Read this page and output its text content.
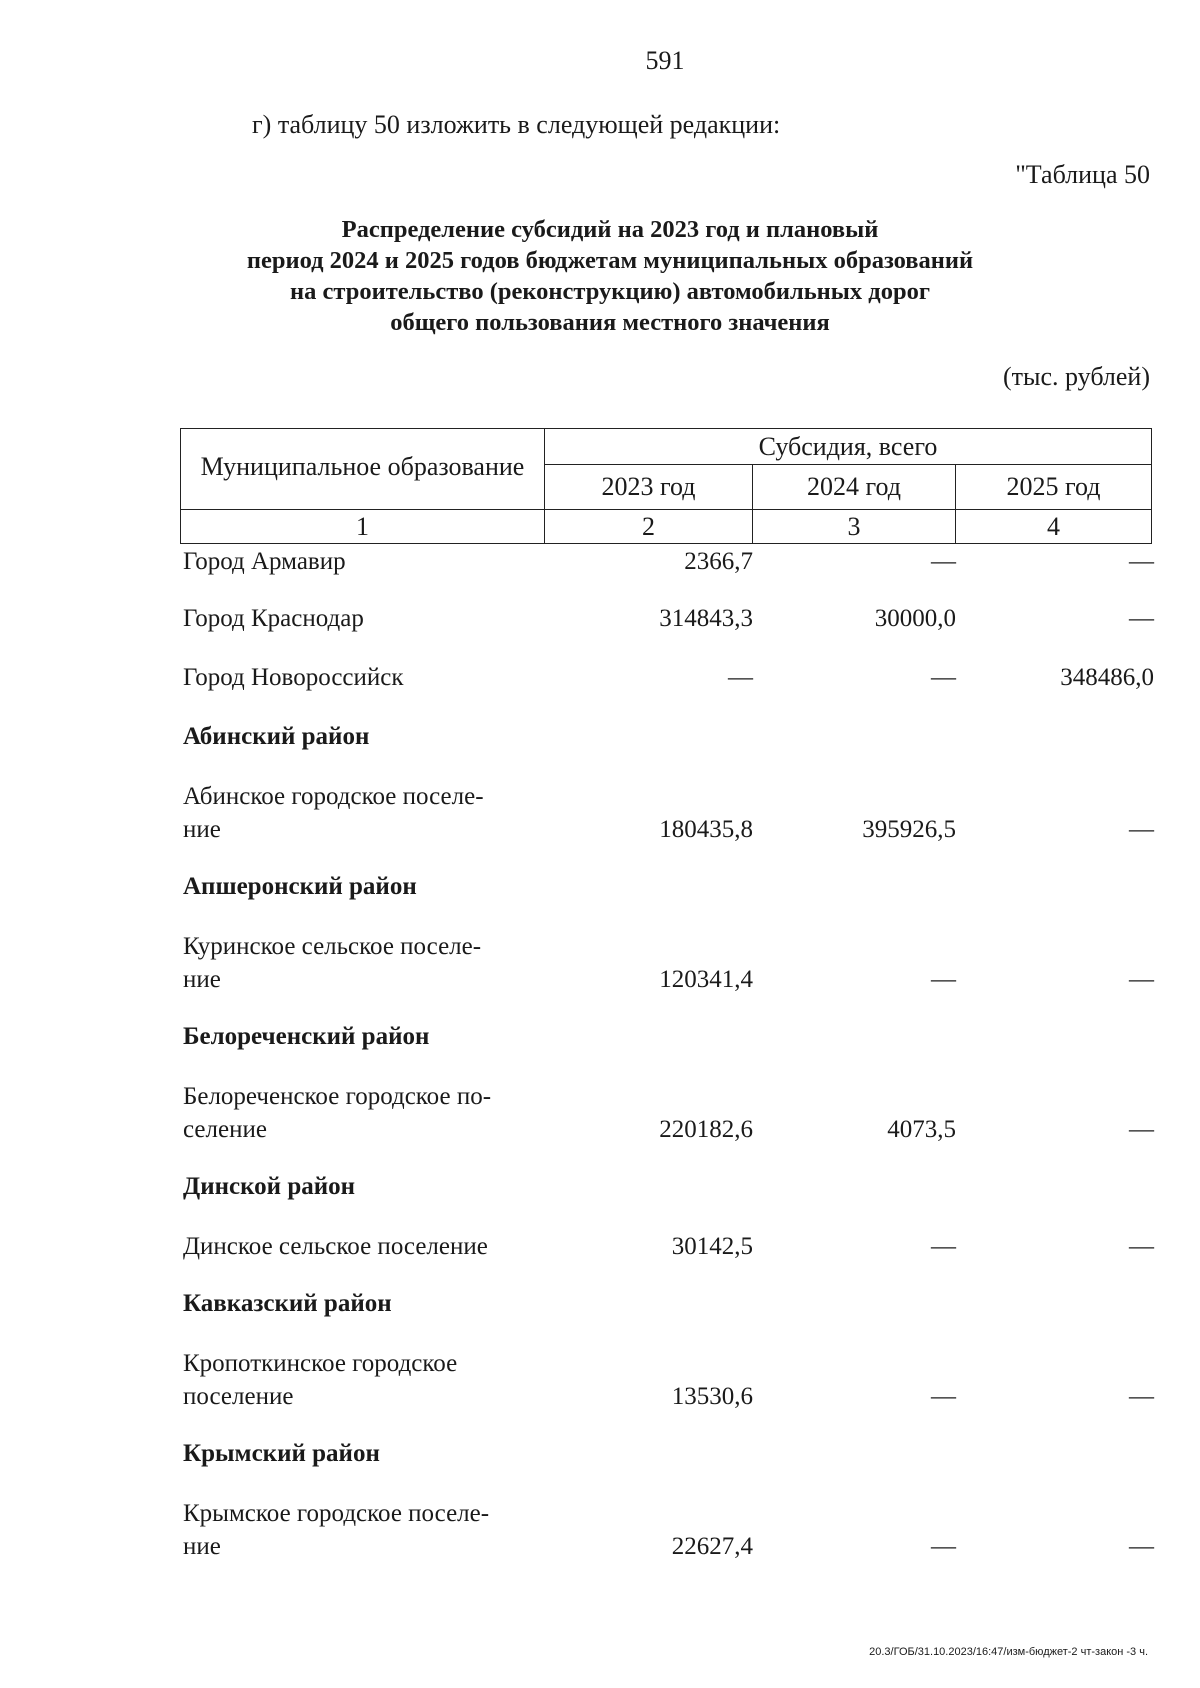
591
г) таблицу 50 изложить в следующей редакции:
"Таблица 50
Распределение субсидий на 2023 год и плановый
период 2024 и 2025 годов бюджетам муниципальных образований
на строительство (реконструкцию) автомобильных дорог
общего пользования местного значения
(тыс. рублей)
Муниципальное образование
Субсидия, всего
2023 год	2024 год	2025 год
1	2	3	4
Город Армавир	2366,7	—	—
Город Краснодар	314843,3	30000,0	—
Город Новороссийск	—	—	348486,0
Абинский район
Абинское городское поселе-
ние	180435,8	395926,5	—
Апшеронский район
Куринское сельское поселе-
ние	120341,4	—	—
Белореченский район
Белореченское городское по-
селение	220182,6	4073,5	—
Динской район
Динское сельское поселение	30142,5	—	—
Кавказский район
Кропоткинское городское
поселение	13530,6	—	—
Крымский район
Крымское городское поселе-
ние	22627,4	—	—
20.3/ГОБ/31.10.2023/16:47/изм-бюджет-2 чт-закон -3 ч.
